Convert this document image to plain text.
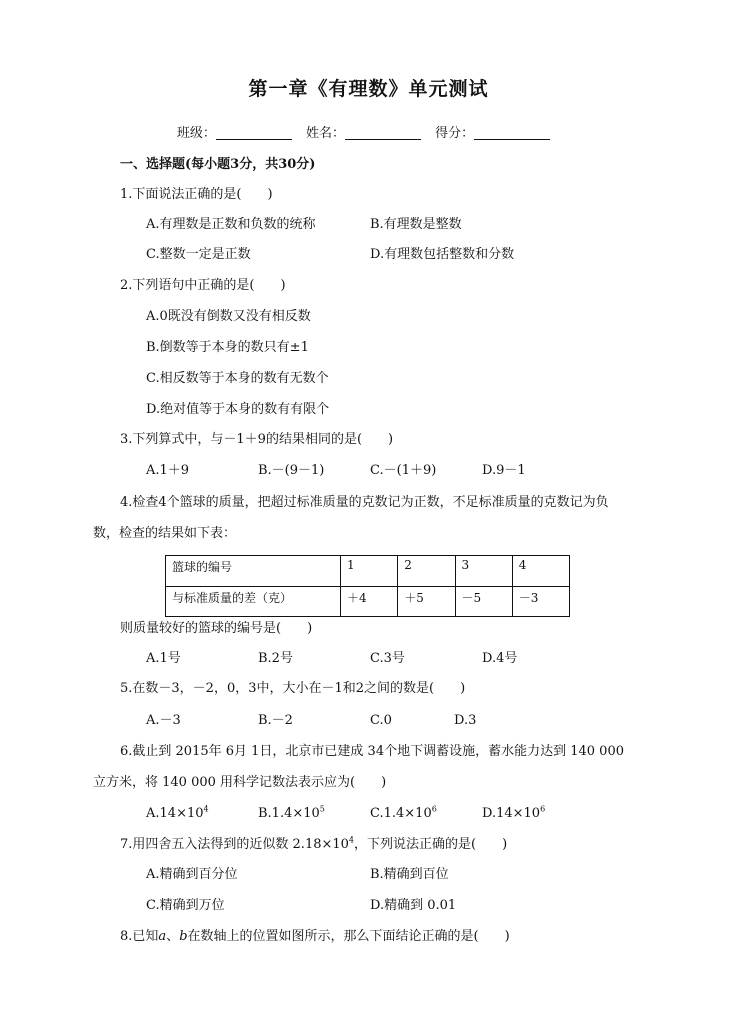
第一章《有理数》单元测试
班级：	姓名：	得分：
一、选择题(每小题3分，共30分)
1.下面说法正确的是(　　)
A.有理数是正数和负数的统称	B.有理数是整数
C.整数一定是正数	D.有理数包括整数和分数
2.下列语句中正确的是(　　)
A.0既没有倒数又没有相反数
B.倒数等于本身的数只有±1
C.相反数等于本身的数有无数个
D.绝对值等于本身的数有有限个
3.下列算式中，与－1＋9的结果相同的是(　　)
A.1＋9	B.－(9－1)	C.－(1＋9)	D.9－1
4.检查4个篮球的质量，把超过标准质量的克数记为正数，不足标准质量的克数记为负
数，检查的结果如下表：
篮球的编号	1	2	3	4
与标准质量的差（克）	＋4	＋5	－5	－3
则质量较好的篮球的编号是(　　)
A.1号	B.2号	C.3号	D.4号
5.在数－3，－2，0，3中，大小在－1和2之间的数是(　　)
A.－3	B.－2	C.0	D.3
6.截止到 2015年 6月 1日，北京市已建成 34个地下调蓄设施，蓄水能力达到 140 000
立方米，将 140 000 用科学记数法表示应为(　　)
$A.14\times 10^4$	$B.1.4\times 10^5$	$C.1.4\times 10^6$	$D.14\times 10^6$
7.用四舍五入法得到的近似数 $2.18\times 10^4$，下列说法正确的是(　　)
A.精确到百分位	B.精确到百位
C.精确到万位	D.精确到 0.01
8.已知a、b在数轴上的位置如图所示，那么下面结论正确的是(　　)
